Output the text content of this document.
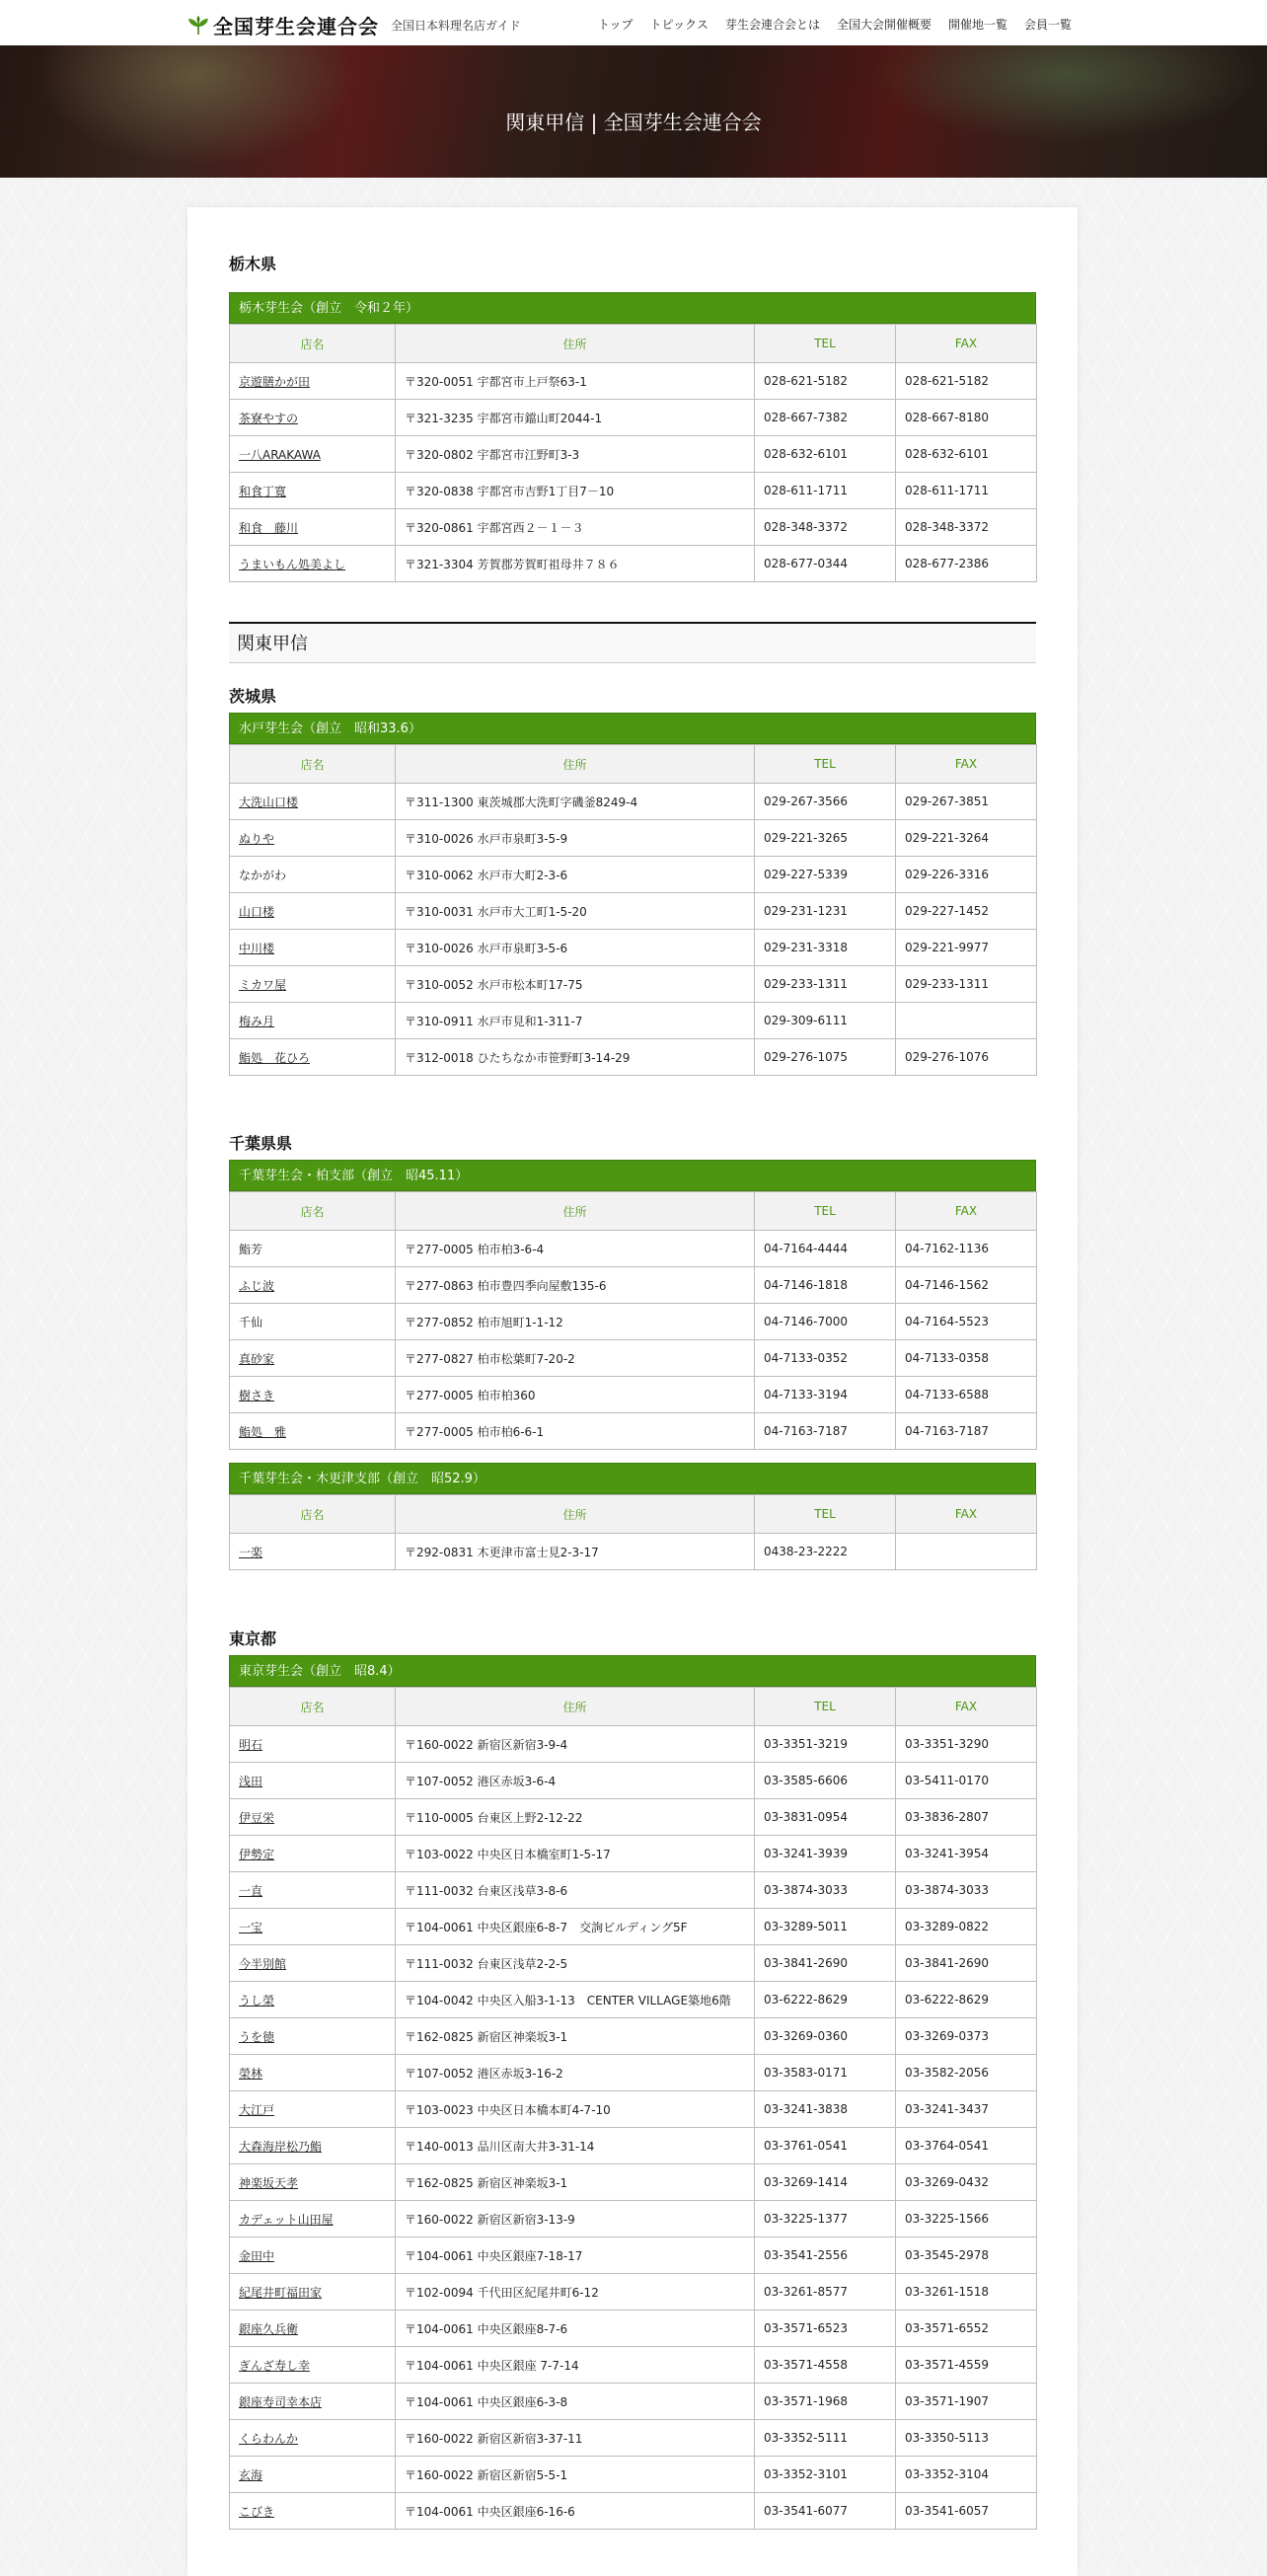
全国芽生会連合会 全国日本料理名店ガイド	トップ トピックス 芽生会連合会とは 全国大会開催概要 開催地一覧 会員一覧
関東甲信 | 全国芽生会連合会
栃木県
栃木芽生会（創立　令和２年）
店名	住所	TEL	FAX
京遊膳かが田	〒320-0051 宇都宮市上戸祭63-1	028-621-5182	028-621-5182
茶寮やすの	〒321-3235 宇都宮市鐺山町2044-1	028-667-7382	028-667-8180
一八ARAKAWA	〒320-0802 宇都宮市江野町3-3	028-632-6101	028-632-6101
和食丁寛	〒320-0838 宇都宮市吉野1丁目7－10	028-611-1711	028-611-1711
和食　藤川	〒320-0861 宇都宮西２－１－３	028-348-3372	028-348-3372
うまいもん処美よし	〒321-3304 芳賀郡芳賀町祖母井７８６	028-677-0344	028-677-2386
関東甲信
茨城県
水戸芽生会（創立　昭和33.6）
店名	住所	TEL	FAX
大洗山口楼	〒311-1300 東茨城郡大洗町字磯釜8249-4	029-267-3566	029-267-3851
ぬりや	〒310-0026 水戸市泉町3-5-9	029-221-3265	029-221-3264
なかがわ	〒310-0062 水戸市大町2-3-6	029-227-5339	029-226-3316
山口楼	〒310-0031 水戸市大工町1-5-20	029-231-1231	029-227-1452
中川楼	〒310-0026 水戸市泉町3-5-6	029-231-3318	029-221-9977
ミカワ屋	〒310-0052 水戸市松本町17-75	029-233-1311	029-233-1311
梅み月	〒310-0911 水戸市見和1-311-7	029-309-6111	
鮨処　花ひろ	〒312-0018 ひたちなか市笹野町3-14-29	029-276-1075	029-276-1076
千葉県県
千葉芽生会・柏支部（創立　昭45.11）
店名	住所	TEL	FAX
鮨芳	〒277-0005 柏市柏3-6-4	04-7164-4444	04-7162-1136
ふじ波	〒277-0863 柏市豊四季向屋敷135-6	04-7146-1818	04-7146-1562
千仙	〒277-0852 柏市旭町1-1-12	04-7146-7000	04-7164-5523
真砂家	〒277-0827 柏市松葉町7-20-2	04-7133-0352	04-7133-0358
樹さき	〒277-0005 柏市柏360	04-7133-3194	04-7133-6588
鮨処　雅	〒277-0005 柏市柏6-6-1	04-7163-7187	04-7163-7187
千葉芽生会・木更津支部（創立　昭52.9）
店名	住所	TEL	FAX
一楽	〒292-0831 木更津市富士見2-3-17	0438-23-2222	
東京都
東京芽生会（創立　昭8.4）
店名	住所	TEL	FAX
明石	〒160-0022 新宿区新宿3-9-4	03-3351-3219	03-3351-3290
浅田	〒107-0052 港区赤坂3-6-4	03-3585-6606	03-5411-0170
伊豆栄	〒110-0005 台東区上野2-12-22	03-3831-0954	03-3836-2807
伊勢定	〒103-0022 中央区日本橋室町1-5-17	03-3241-3939	03-3241-3954
一直	〒111-0032 台東区浅草3-8-6	03-3874-3033	03-3874-3033
一宝	〒104-0061 中央区銀座6-8-7　交詢ビルディング5F	03-3289-5011	03-3289-0822
今半別館	〒111-0032 台東区浅草2-2-5	03-3841-2690	03-3841-2690
うし榮	〒104-0042 中央区入船3-1-13　CENTER VILLAGE築地6階	03-6222-8629	03-6222-8629
うを徳	〒162-0825 新宿区神楽坂3-1	03-3269-0360	03-3269-0373
榮林	〒107-0052 港区赤坂3-16-2	03-3583-0171	03-3582-2056
大江戸	〒103-0023 中央区日本橋本町4-7-10	03-3241-3838	03-3241-3437
大森海岸松乃鮨	〒140-0013 品川区南大井3-31-14	03-3761-0541	03-3764-0541
神楽坂天孝	〒162-0825 新宿区神楽坂3-1	03-3269-1414	03-3269-0432
カデェット山田屋	〒160-0022 新宿区新宿3-13-9	03-3225-1377	03-3225-1566
金田中	〒104-0061 中央区銀座7-18-17	03-3541-2556	03-3545-2978
紀尾井町福田家	〒102-0094 千代田区紀尾井町6-12	03-3261-8577	03-3261-1518
銀座久兵衛	〒104-0061 中央区銀座8-7-6	03-3571-6523	03-3571-6552
ぎんざ寿し幸	〒104-0061 中央区銀座 7-7-14	03-3571-4558	03-3571-4559
銀座寿司幸本店	〒104-0061 中央区銀座6-3-8	03-3571-1968	03-3571-1907
くらわんか	〒160-0022 新宿区新宿3-37-11	03-3352-5111	03-3350-5113
玄海	〒160-0022 新宿区新宿5-5-1	03-3352-3101	03-3352-3104
こびき	〒104-0061 中央区銀座6-16-6	03-3541-6077	03-3541-6057
